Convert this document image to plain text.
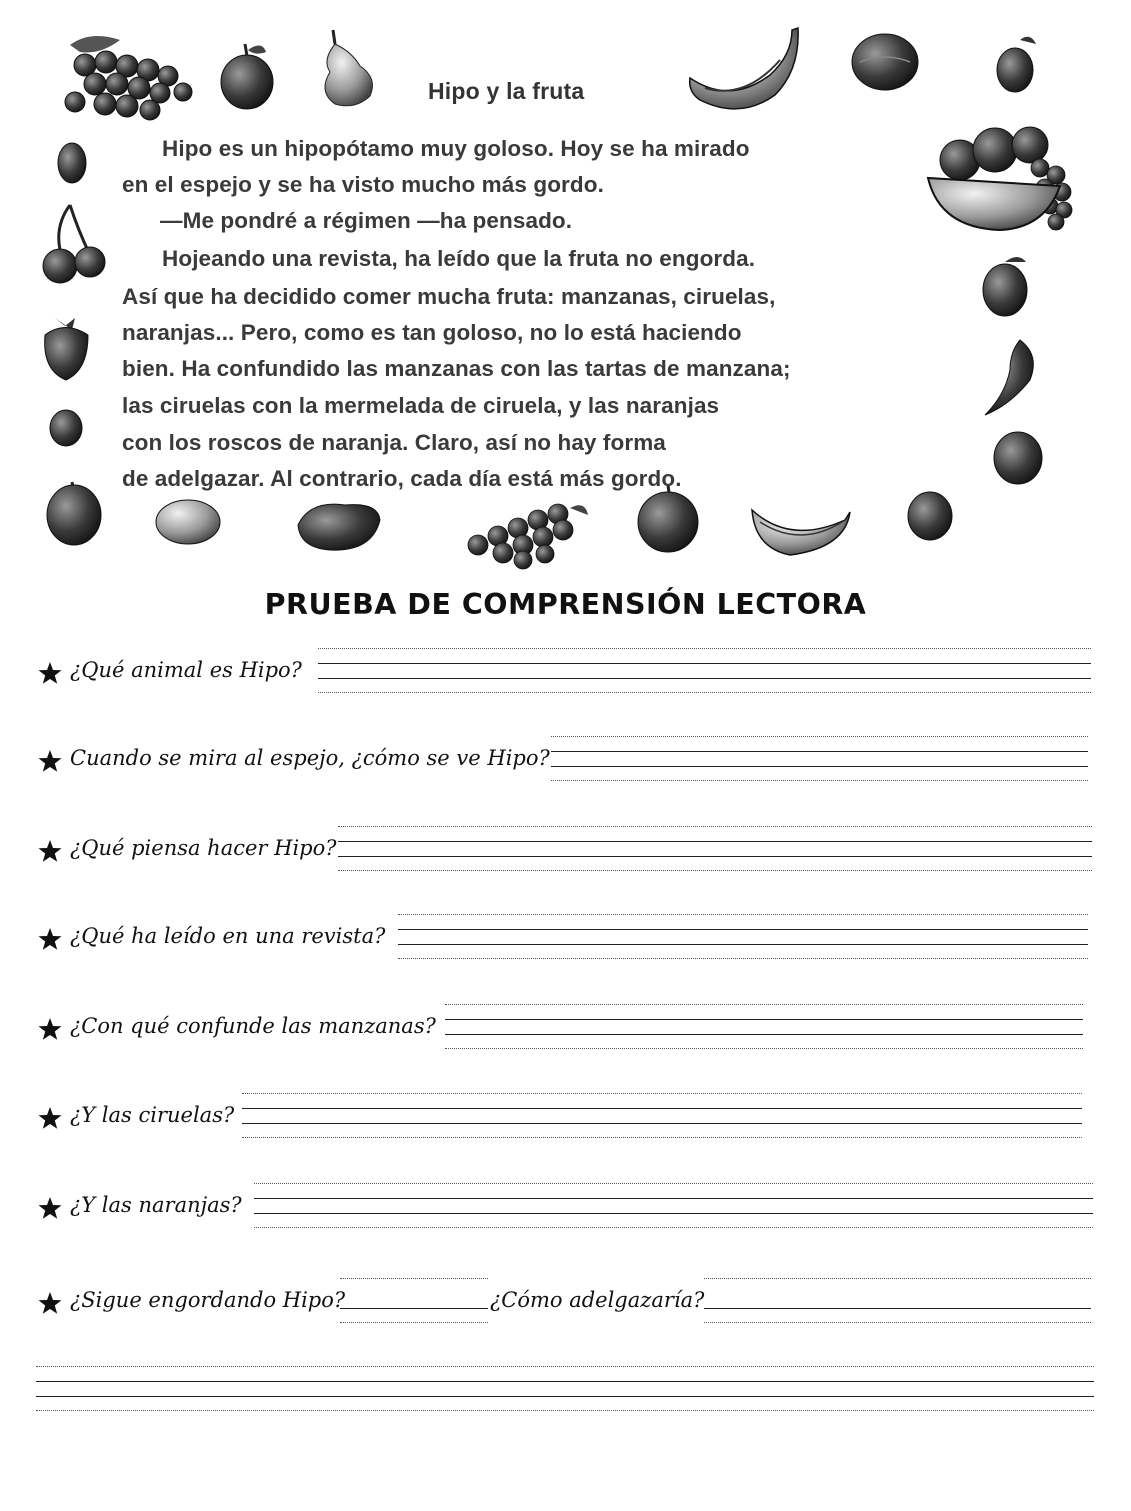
Hipo y la fruta
Hipo es un hipopótamo muy goloso. Hoy se ha mirado
en el espejo y se ha visto mucho más gordo.
—Me pondré a régimen —ha pensado.
Hojeando una revista, ha leído que la fruta no engorda.
Así que ha decidido comer mucha fruta: manzanas, ciruelas,
naranjas... Pero, como es tan goloso, no lo está haciendo
bien. Ha confundido las manzanas con las tartas de manzana;
las ciruelas con la mermelada de ciruela, y las naranjas
con los roscos de naranja. Claro, así no hay forma
de adelgazar. Al contrario, cada día está más gordo.
PRUEBA DE COMPRENSIÓN LECTORA
¿Qué animal es Hipo?
Cuando se mira al espejo, ¿cómo se ve Hipo?
¿Qué piensa hacer Hipo?
¿Qué ha leído en una revista?
¿Con qué confunde las manzanas?
¿Y las ciruelas?
¿Y las naranjas?
¿Sigue engordando Hipo?	¿Cómo adelgazaría?
